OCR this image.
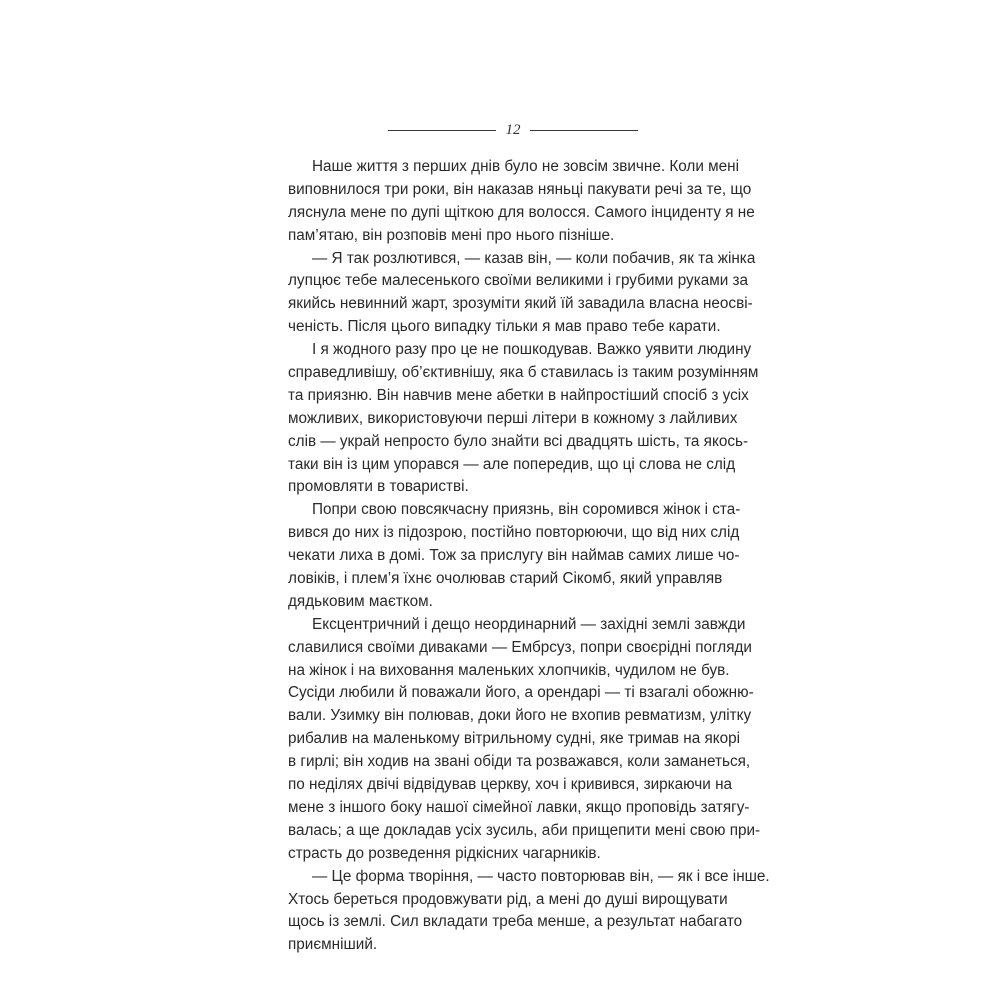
12
Наше життя з перших днів було не зовсім звичне. Коли мені
виповнилося три роки, він наказав няньці пакувати речі за те, що
ляснула мене по дупі щіткою для волосся. Самого інциденту я не
пам’ятаю, він розповів мені про нього пізніше.
— Я так розлютився, — казав він, — коли побачив, як та жінка
лупцює тебе малесенького своїми великими і грубими руками за
якийсь невинний жарт, зрозуміти який їй завадила власна неосві-
ченість. Після цього випадку тільки я мав право тебе карати.
І я жодного разу про це не пошкодував. Важко уявити людину
справедливішу, об’єктивнішу, яка б ставилась із таким розумінням
та приязню. Він навчив мене абетки в найпростіший спосіб з усіх
можливих, використовуючи перші літери в кожному з лайливих
слів — украй непросто було знайти всі двадцять шість, та якось-
таки він із цим упорався — але попередив, що ці слова не слід
промовляти в товаристві.
Попри свою повсякчасну приязнь, він соромився жінок і ста-
вився до них із підозрою, постійно повторюючи, що від них слід
чекати лиха в домі. Тож за прислугу він наймав самих лише чо-
ловіків, і плем’я їхнє очолював старий Сікомб, який управляв
дядьковим маєтком.
Ексцентричний і дещо неординарний — західні землі завжди
славилися своїми диваками — Ембрсуз, попри своєрідні погляди
на жінок і на виховання маленьких хлопчиків, чудилом не був.
Сусіди любили й поважали його, а орендарі — ті взагалі обожню-
вали. Узимку він полював, доки його не вхопив ревматизм, улітку
рибалив на маленькому вітрильному судні, яке тримав на якорі
в гирлі; він ходив на звані обіди та розважався, коли заманеться,
по неділях двічі відвідував церкву, хоч і кривився, зиркаючи на
мене з іншого боку нашої сімейної лавки, якщо проповідь затягу-
валась; а ще докладав усіх зусиль, аби прищепити мені свою при-
страсть до розведення рідкісних чагарників.
— Це форма творіння, — часто повторював він, — як і все інше.
Хтось береться продовжувати рід, а мені до душі вирощувати
щось із землі. Сил вкладати треба менше, а результат набагато
приємніший.
